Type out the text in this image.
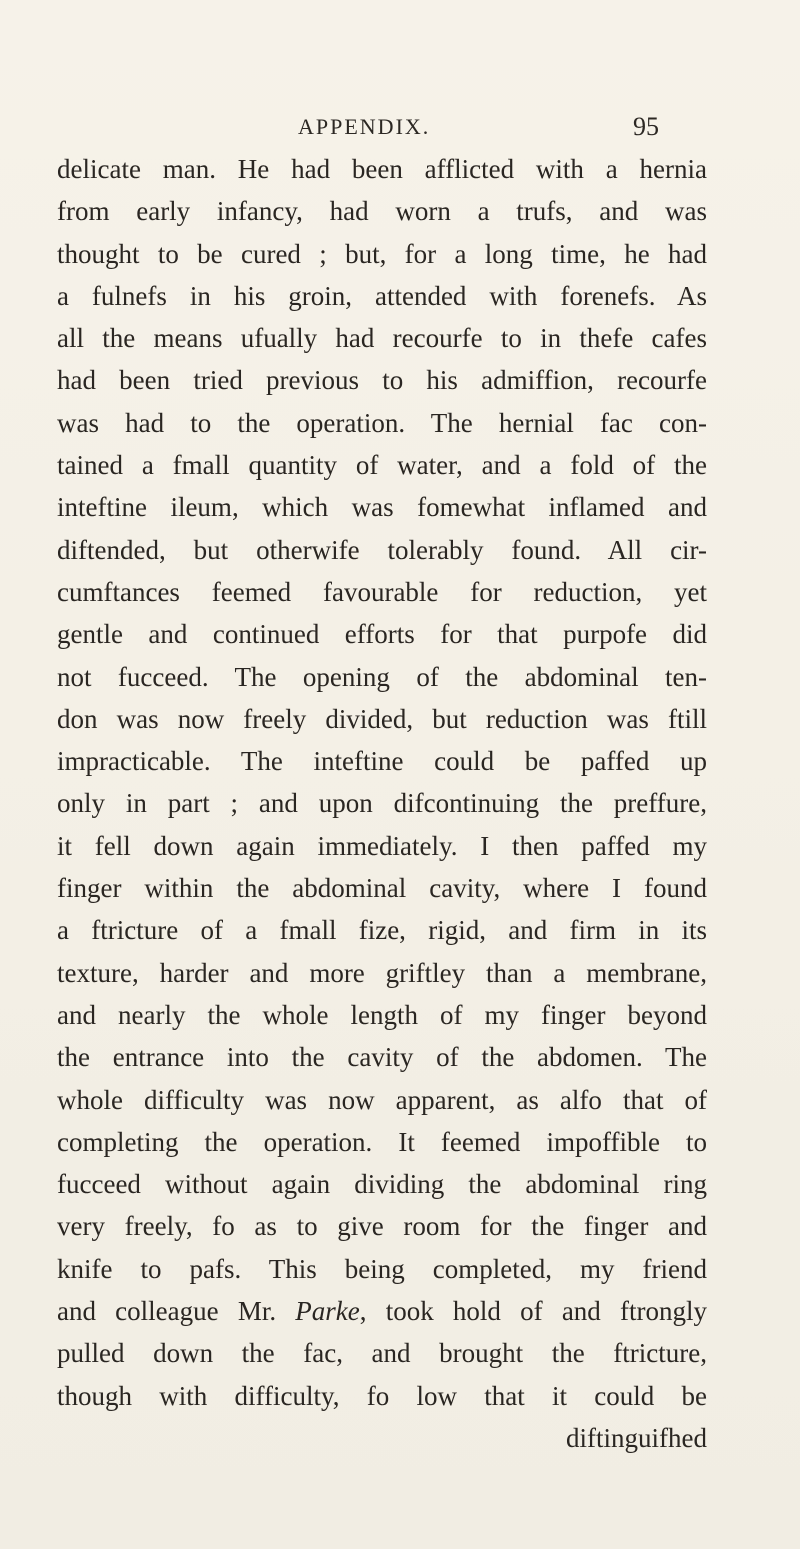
APPENDIX.	95
delicate man. He had been afflicted with a hernia
from early infancy, had worn a trufs, and was
thought to be cured ; but, for a long time, he had
a fulnefs in his groin, attended with forenefs. As
all the means ufually had recourfe to in thefe cafes
had been tried previous to his admiffion, recourfe
was had to the operation. The hernial fac con-
tained a fmall quantity of water, and a fold of the
inteftine ileum, which was fomewhat inflamed and
diftended, but otherwife tolerably found. All cir-
cumftances feemed favourable for reduction, yet
gentle and continued efforts for that purpofe did
not fucceed. The opening of the abdominal ten-
don was now freely divided, but reduction was ftill
impracticable. The inteftine could be paffed up
only in part ; and upon difcontinuing the preffure,
it fell down again immediately. I then paffed my
finger within the abdominal cavity, where I found
a ftricture of a fmall fize, rigid, and firm in its
texture, harder and more griftley than a membrane,
and nearly the whole length of my finger beyond
the entrance into the cavity of the abdomen. The
whole difficulty was now apparent, as alfo that of
completing the operation. It feemed impoffible to
fucceed without again dividing the abdominal ring
very freely, fo as to give room for the finger and
knife to pafs. This being completed, my friend
and colleague Mr. Parke, took hold of and ftrongly
pulled down the fac, and brought the ftricture,
though with difficulty, fo low that it could be
diftinguifhed
